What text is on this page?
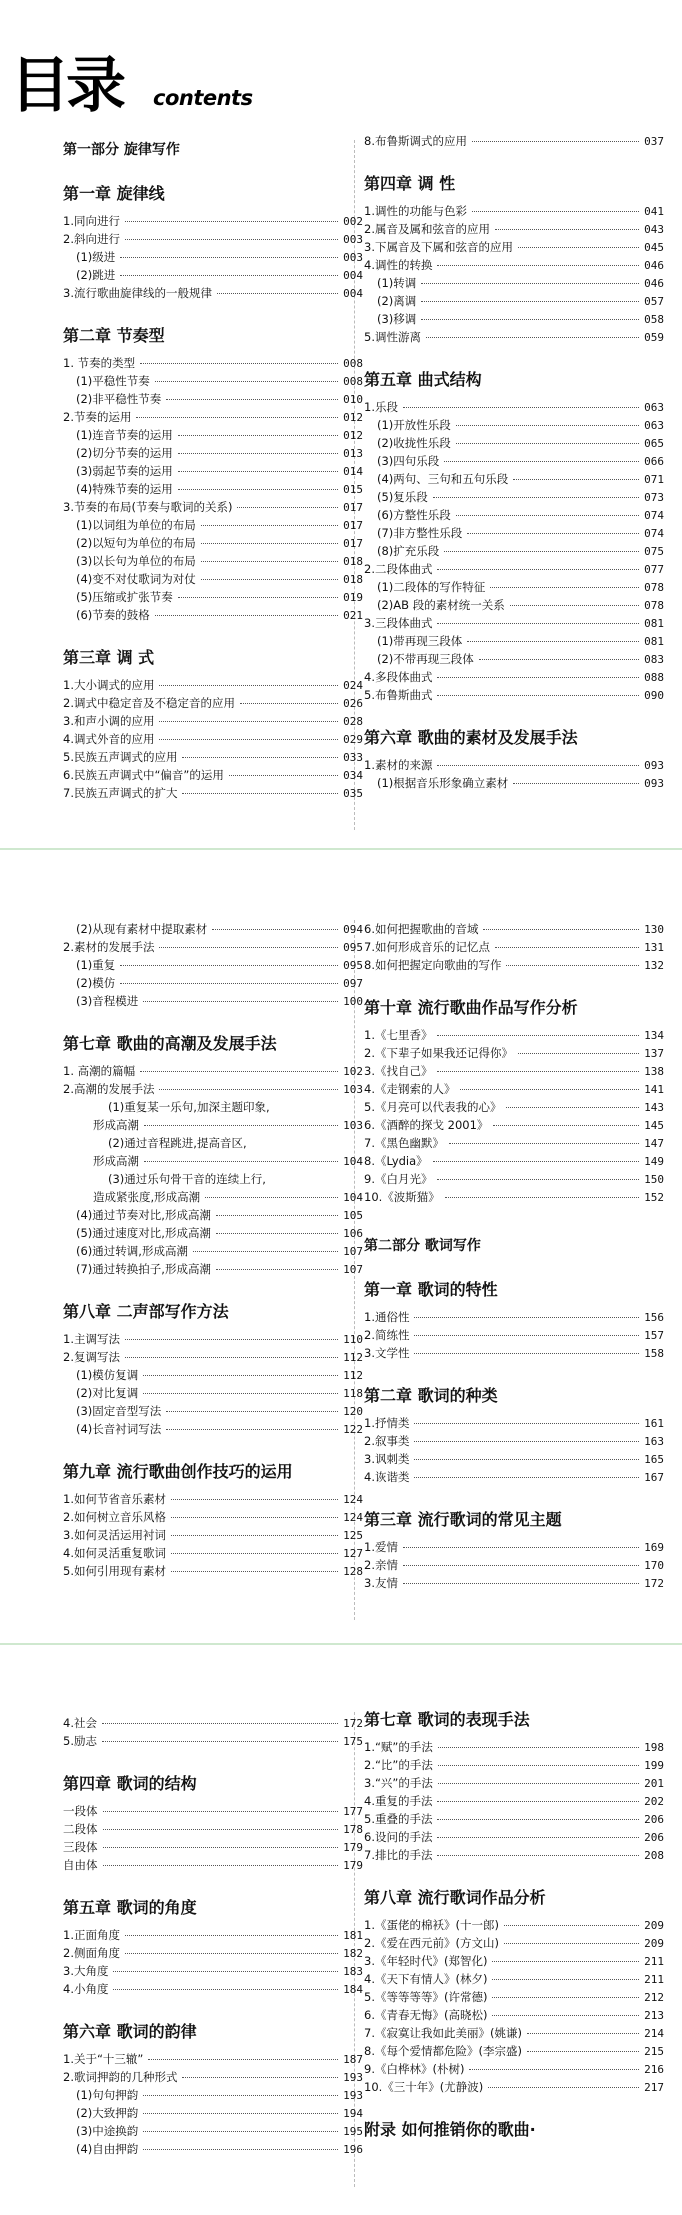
目录 contents
第一部分 旋律写作
第一章 旋律线
1.同向进行	002
2.斜向进行	003
(1)级进	003
(2)跳进	004
3.流行歌曲旋律线的一般规律	004
第二章 节奏型
1. 节奏的类型	008
(1)平稳性节奏	008
(2)非平稳性节奏	010
2.节奏的运用	012
(1)连音节奏的运用	012
(2)切分节奏的运用	013
(3)弱起节奏的运用	014
(4)特殊节奏的运用	015
3.节奏的布局(节奏与歌词的关系)	017
(1)以词组为单位的布局	017
(2)以短句为单位的布局	017
(3)以长句为单位的布局	018
(4)变不对仗歌词为对仗	018
(5)压缩或扩张节奏	019
(6)节奏的鼓格	021
第三章 调 式
1.大小调式的应用	024
2.调式中稳定音及不稳定音的应用	026
3.和声小调的应用	028
4.调式外音的应用	029
5.民族五声调式的应用	033
6.民族五声调式中“偏音”的运用	034
7.民族五声调式的扩大	035
8.布鲁斯调式的应用	037
第四章 调 性
1.调性的功能与色彩	041
2.属音及属和弦音的应用	043
3.下属音及下属和弦音的应用	045
4.调性的转换	046
(1)转调	046
(2)离调	057
(3)移调	058
5.调性游离	059
第五章 曲式结构
1.乐段	063
(1)开放性乐段	063
(2)收拢性乐段	065
(3)四句乐段	066
(4)两句、三句和五句乐段	071
(5)复乐段	073
(6)方整性乐段	074
(7)非方整性乐段	074
(8)扩充乐段	075
2.二段体曲式	077
(1)二段体的写作特征	078
(2)AB 段的素材统一关系	078
3.三段体曲式	081
(1)带再现三段体	081
(2)不带再现三段体	083
4.多段体曲式	088
5.布鲁斯曲式	090
第六章 歌曲的素材及发展手法
1.素材的来源	093
(1)根据音乐形象确立素材	093
(2)从现有素材中提取素材	094
2.素材的发展手法	095
(1)重复	095
(2)模仿	097
(3)音程模进	100
第七章 歌曲的高潮及发展手法
1. 高潮的篇幅	102
2.高潮的发展手法	103
(1)重复某一乐句,加深主题印象,
形成高潮	103
(2)通过音程跳进,提高音区,
形成高潮	104
(3)通过乐句骨干音的连续上行,
造成紧张度,形成高潮	104
(4)通过节奏对比,形成高潮	105
(5)通过速度对比,形成高潮	106
(6)通过转调,形成高潮	107
(7)通过转换拍子,形成高潮	107
第八章 二声部写作方法
1.主调写法	110
2.复调写法	112
(1)模仿复调	112
(2)对比复调	118
(3)固定音型写法	120
(4)长音衬词写法	122
第九章 流行歌曲创作技巧的运用
1.如何节省音乐素材	124
2.如何树立音乐风格	124
3.如何灵活运用衬词	125
4.如何灵活重复歌词	127
5.如何引用现有素材	128
6.如何把握歌曲的音域	130
7.如何形成音乐的记忆点	131
8.如何把握定向歌曲的写作	132
第十章 流行歌曲作品写作分析
1.《七里香》	134
2.《下辈子如果我还记得你》	137
3.《找自己》	138
4.《走钢索的人》	141
5.《月亮可以代表我的心》	143
6.《酒醉的探戈 2001》	145
7.《黑色幽默》	147
8.《Lydia》	149
9.《白月光》	150
10.《波斯猫》	152
第二部分 歌词写作
第一章 歌词的特性
1.通俗性	156
2.简练性	157
3.文学性	158
第二章 歌词的种类
1.抒情类	161
2.叙事类	163
3.讽刺类	165
4.诙谐类	167
第三章 流行歌词的常见主题
1.爱情	169
2.亲情	170
3.友情	172
4.社会	172
5.励志	175
第四章 歌词的结构
一段体	177
二段体	178
三段体	179
自由体	179
第五章 歌词的角度
1.正面角度	181
2.侧面角度	182
3.大角度	183
4.小角度	184
第六章 歌词的韵律
1.关于“十三辙”	187
2.歌词押韵的几种形式	193
(1)句句押韵	193
(2)大致押韵	194
(3)中途换韵	195
(4)自由押韵	196
第七章 歌词的表现手法
1.“赋”的手法	198
2.“比”的手法	199
3.“兴”的手法	201
4.重复的手法	202
5.重叠的手法	206
6.设问的手法	206
7.排比的手法	208
第八章 流行歌词作品分析
1.《蛋佬的棉袄》(十一郎)	209
2.《爱在西元前》(方文山)	209
3.《年轻时代》(郑智化)	211
4.《天下有情人》(林夕)	211
5.《等等等等》(许常德)	212
6.《青春无悔》(高晓松)	213
7.《寂寞让我如此美丽》(姚谦)	214
8.《每个爱情都危险》(李宗盛)	215
9.《白桦林》(朴树)	216
10.《三十年》(尤静波)	217
附录 如何推销你的歌曲·
